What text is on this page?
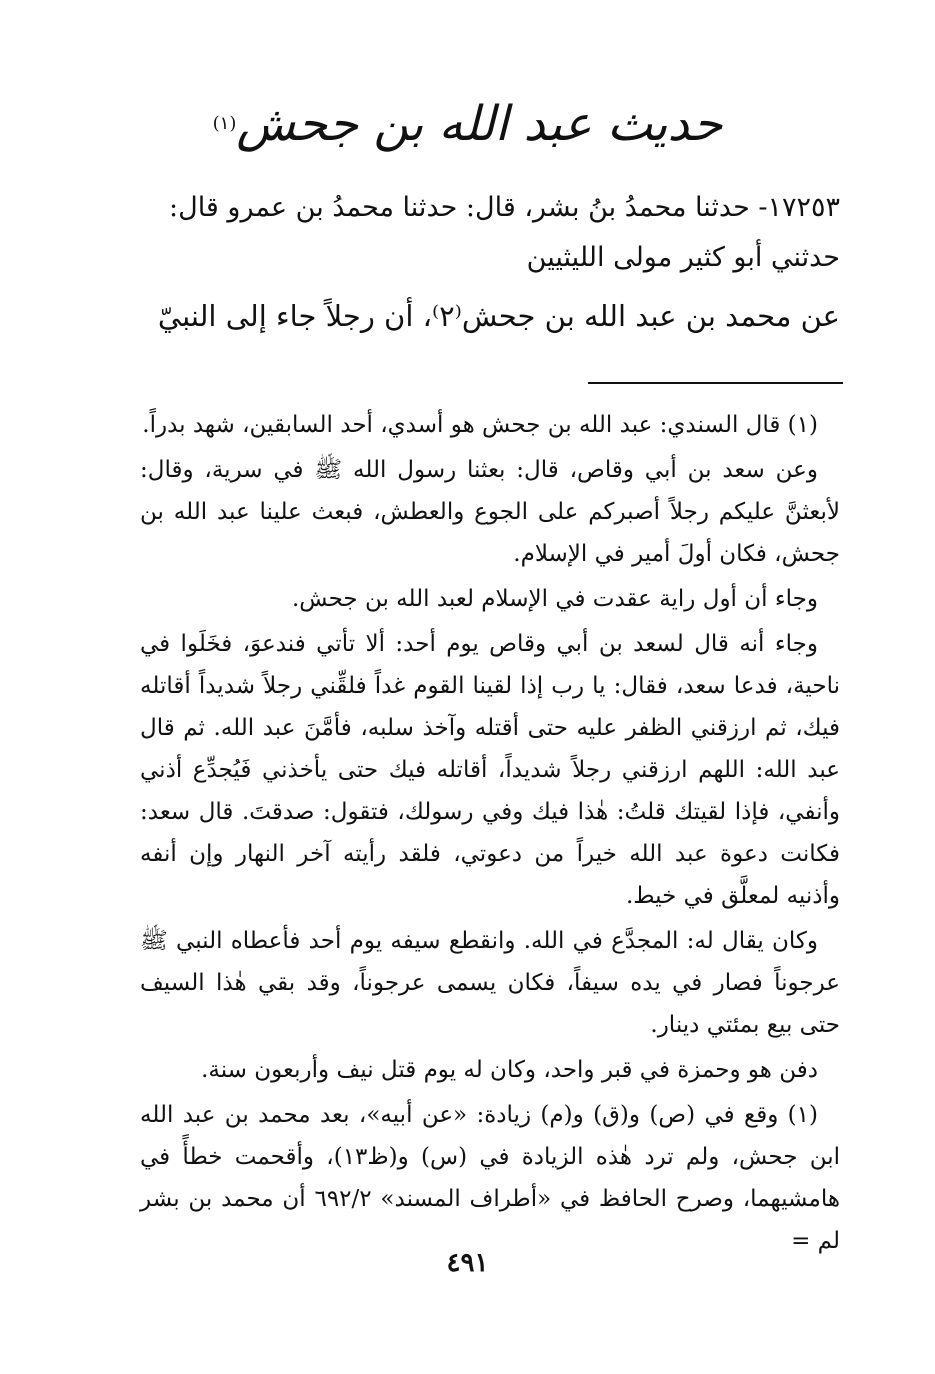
حديث عبد الله بن جحش$^{(١)}$

١٧٢٥٣- حدثنا محمدُ بنُ بشر، قال: حدثنا محمدُ بن عمرو قال:

حدثني أبو كثير مولى الليثيين

عن محمد بن عبد الله بن جحش⁽٢⁾، أن رجلاً جاء إلى النبيّ

(١) قال السندي: عبد الله بن جحش هو أسدي، أحد السابقين، شهد بدراً.

وعن سعد بن أبي وقاص، قال: بعثنا رسول الله ﷺ في سرية، وقال: لأبعثنَّ عليكم رجلاً أصبركم على الجوع والعطش، فبعث علينا عبد الله بن جحش، فكان أولَ أمير في الإسلام.

وجاء أن أول راية عقدت في الإسلام لعبد الله بن جحش.

وجاء أنه قال لسعد بن أبي وقاص يوم أحد: ألا تأتي فندعوَ، فخَلَوا في ناحية، فدعا سعد، فقال: يا رب إذا لقينا القوم غداً فلقِّني رجلاً شديداً أقاتله فيك، ثم ارزقني الظفر عليه حتى أقتله وآخذ سلبه، فأمَّنَ عبد الله. ثم قال عبد الله: اللهم ارزقني رجلاً شديداً، أقاتله فيك حتى يأخذني فَيُجدِّع أذني وأنفي، فإذا لقيتك قلتُ: هٰذا فيك وفي رسولك، فتقول: صدقتَ. قال سعد: فكانت دعوة عبد الله خيراً من دعوتي، فلقد رأيته آخر النهار وإن أنفه وأذنيه لمعلَّق في خيط.

وكان يقال له: المجدَّع في الله. وانقطع سيفه يوم أحد فأعطاه النبي ﷺ عرجوناً فصار في يده سيفاً، فكان يسمى عرجوناً، وقد بقي هٰذا السيف حتى بيع بمئتي دينار.

دفن هو وحمزة في قبر واحد، وكان له يوم قتل نيف وأربعون سنة.

(١) وقع في (ص) و(ق) و(م) زيادة: «عن أبيه»، بعد محمد بن عبد الله ابن جحش، ولم ترد هٰذه الزيادة في (س) و(ظ١٣)، وأقحمت خطأً في هامشيهما، وصرح الحافظ في «أطراف المسند» ٦٩٢/٢ أن محمد بن بشر لم =

٤٩١
